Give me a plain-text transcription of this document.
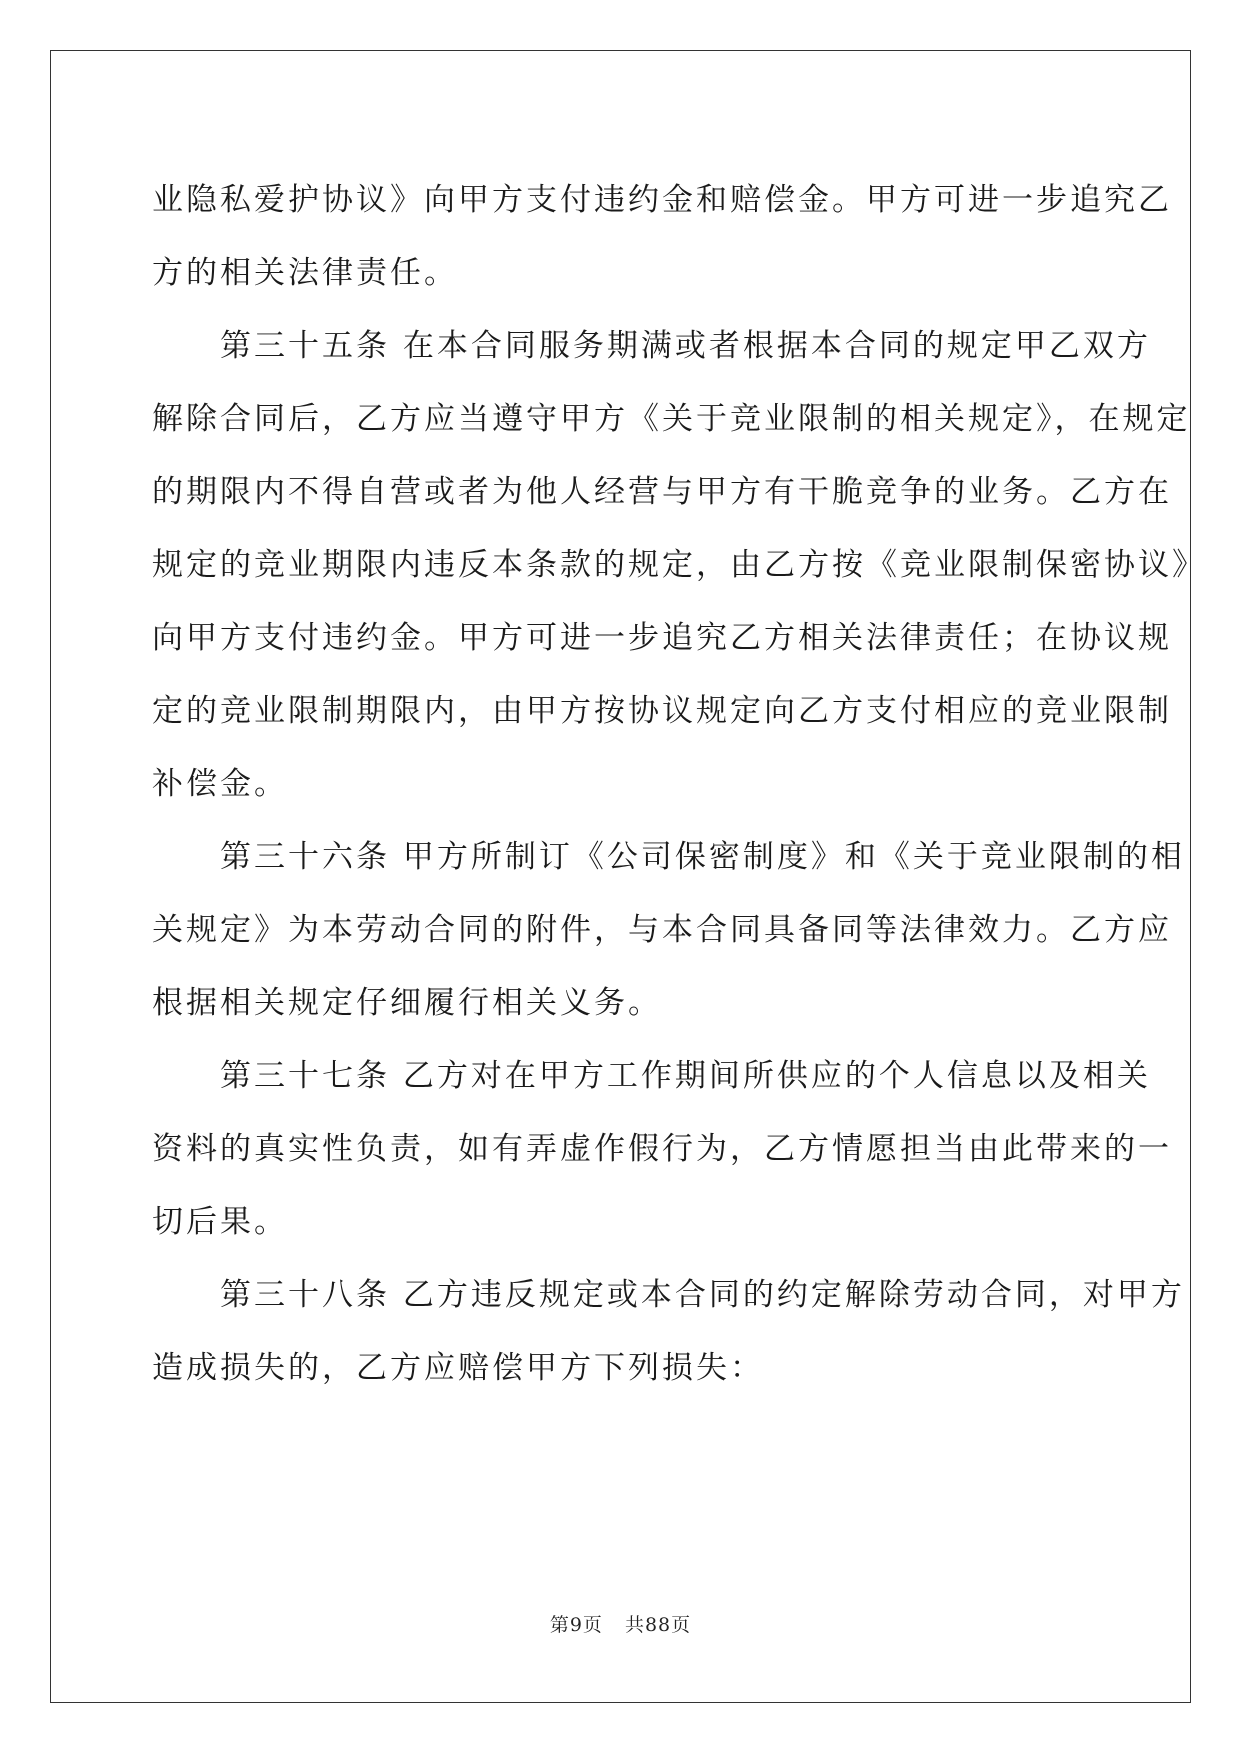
业隐私爱护协议》向甲方支付违约金和赔偿金。甲方可进一步追究乙
方的相关法律责任。

　　第三十五条 在本合同服务期满或者根据本合同的规定甲乙双方
解除合同后，乙方应当遵守甲方《关于竞业限制的相关规定》，在规定
的期限内不得自营或者为他人经营与甲方有干脆竞争的业务。乙方在
规定的竞业期限内违反本条款的规定，由乙方按《竞业限制保密协议》
向甲方支付违约金。甲方可进一步追究乙方相关法律责任；在协议规
定的竞业限制期限内，由甲方按协议规定向乙方支付相应的竞业限制
补偿金。

　　第三十六条 甲方所制订《公司保密制度》和《关于竞业限制的相
关规定》为本劳动合同的附件，与本合同具备同等法律效力。乙方应
根据相关规定仔细履行相关义务。

　　第三十七条 乙方对在甲方工作期间所供应的个人信息以及相关
资料的真实性负责，如有弄虚作假行为，乙方情愿担当由此带来的一
切后果。

　　第三十八条 乙方违反规定或本合同的约定解除劳动合同，对甲方
造成损失的，乙方应赔偿甲方下列损失：

第9页　 共88页
